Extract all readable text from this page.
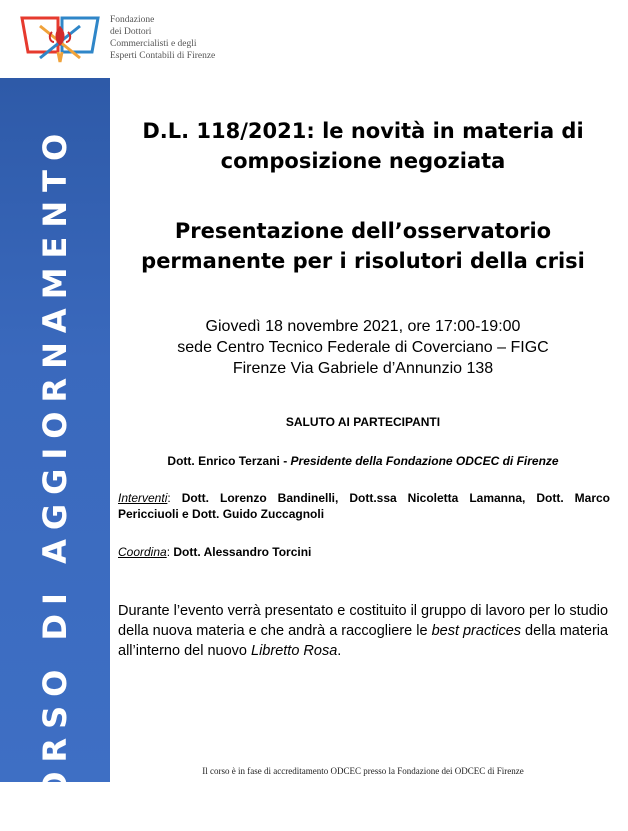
Fondazione
dei Dottori
Commercialisti e degli
Esperti Contabili di Firenze
CORSO DI AGGIORNAMENTO	D.L. 118/2021: le novità in materia di
composizione negoziata
Presentazione dell’osservatorio
permanente per i risolutori della crisi
Giovedì 18 novembre 2021, ore 17:00-19:00
sede Centro Tecnico Federale di Coverciano – FIGC
Firenze Via Gabriele d’Annunzio 138
SALUTO AI PARTECIPANTI
Dott. Enrico Terzani - Presidente della Fondazione ODCEC di Firenze
Interventi: Dott. Lorenzo Bandinelli, Dott.ssa Nicoletta Lamanna, Dott. Marco Pericciuoli e Dott. Guido Zuccagnoli
Coordina: Dott. Alessandro Torcini
Durante l’evento verrà presentato e costituito il gruppo di lavoro per lo studio della nuova materia e che andrà a raccogliere le best practices della materia all’interno del nuovo Libretto Rosa.
Il corso è in fase di accreditamento ODCEC presso la Fondazione dei ODCEC di Firenze
